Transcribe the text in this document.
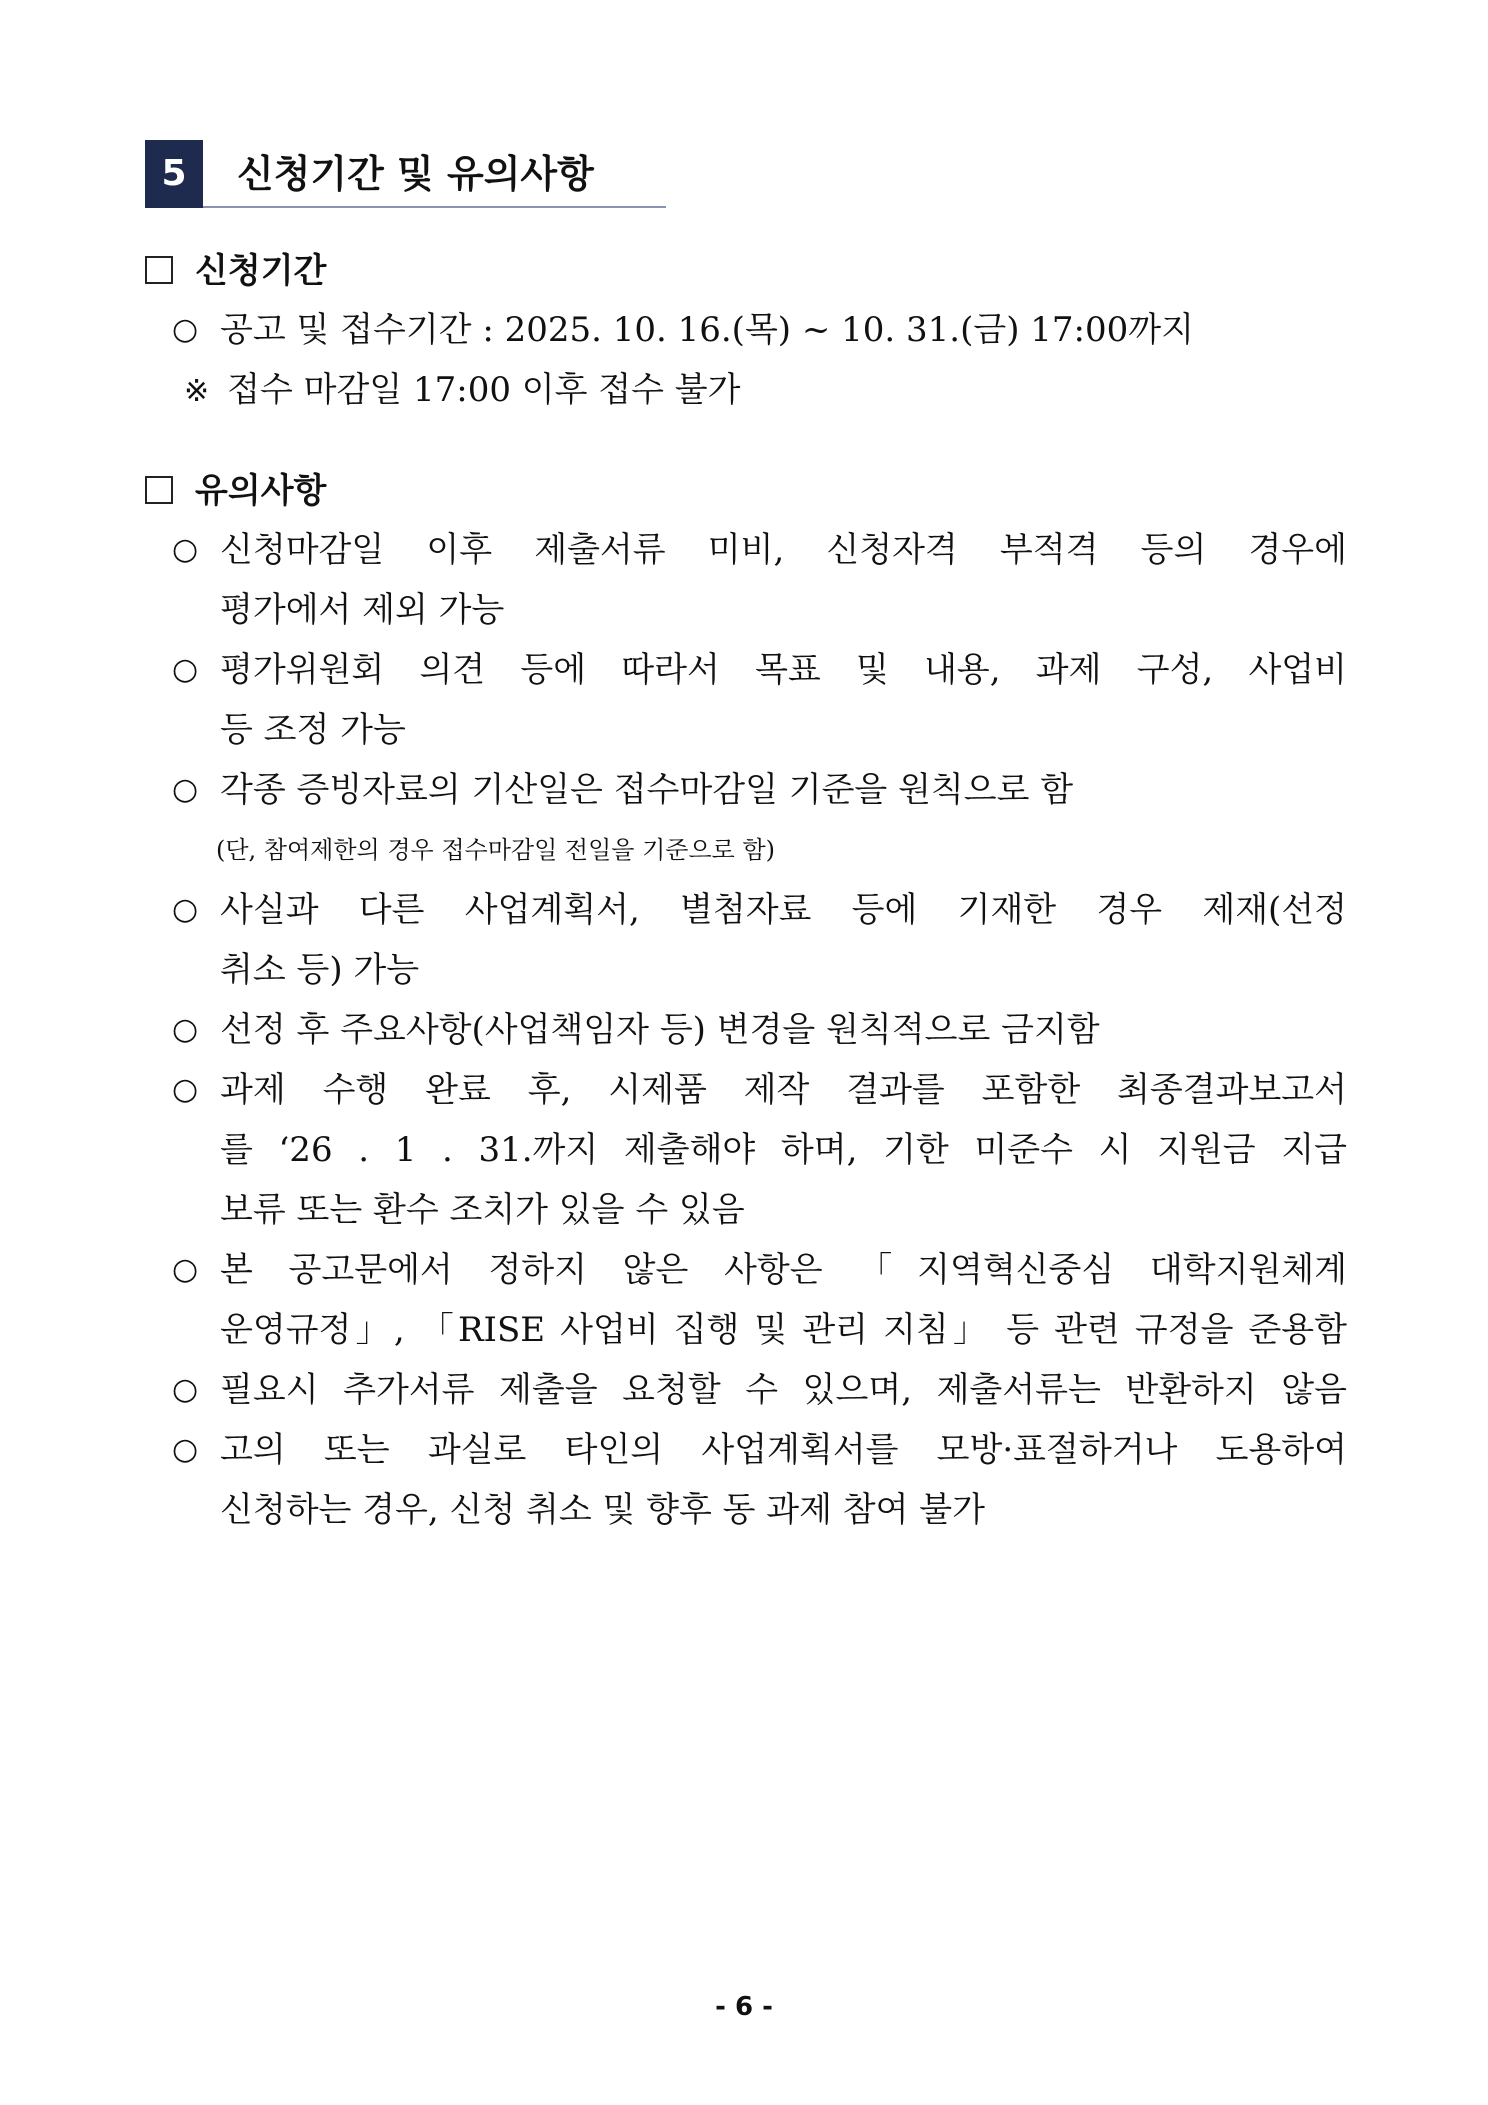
5	신청기간 및 유의사항
신청기간
○ 공고 및 접수기간 : 2025. 10. 16.(목) ~ 10. 31.(금) 17:00까지
※ 접수 마감일 17:00 이후 접수 불가
유의사항
○ 신청마감일 이후 제출서류 미비, 신청자격 부적격 등의 경우에
평가에서 제외 가능
○ 평가위원회 의견 등에 따라서 목표 및 내용, 과제 구성, 사업비
등 조정 가능
○ 각종 증빙자료의 기산일은 접수마감일 기준을 원칙으로 함
(단, 참여제한의 경우 접수마감일 전일을 기준으로 함)
○ 사실과 다른 사업계획서, 별첨자료 등에 기재한 경우 제재(선정
취소 등) 가능
○ 선정 후 주요사항(사업책임자 등) 변경을 원칙적으로 금지함
○ 과제 수행 완료 후, 시제품 제작 결과를 포함한 최종결과보고서
를 ‘26 . 1 . 31.까지 제출해야 하며, 기한 미준수 시 지원금 지급
보류 또는 환수 조치가 있을 수 있음
○ 본 공고문에서 정하지 않은 사항은 「지역혁신중심 대학지원체계
운영규정」, 「RISE 사업비 집행 및 관리 지침」 등 관련 규정을 준용함
○ 필요시 추가서류 제출을 요청할 수 있으며, 제출서류는 반환하지 않음
○ 고의 또는 과실로 타인의 사업계획서를 모방·표절하거나 도용하여
신청하는 경우, 신청 취소 및 향후 동 과제 참여 불가
- 6 -
